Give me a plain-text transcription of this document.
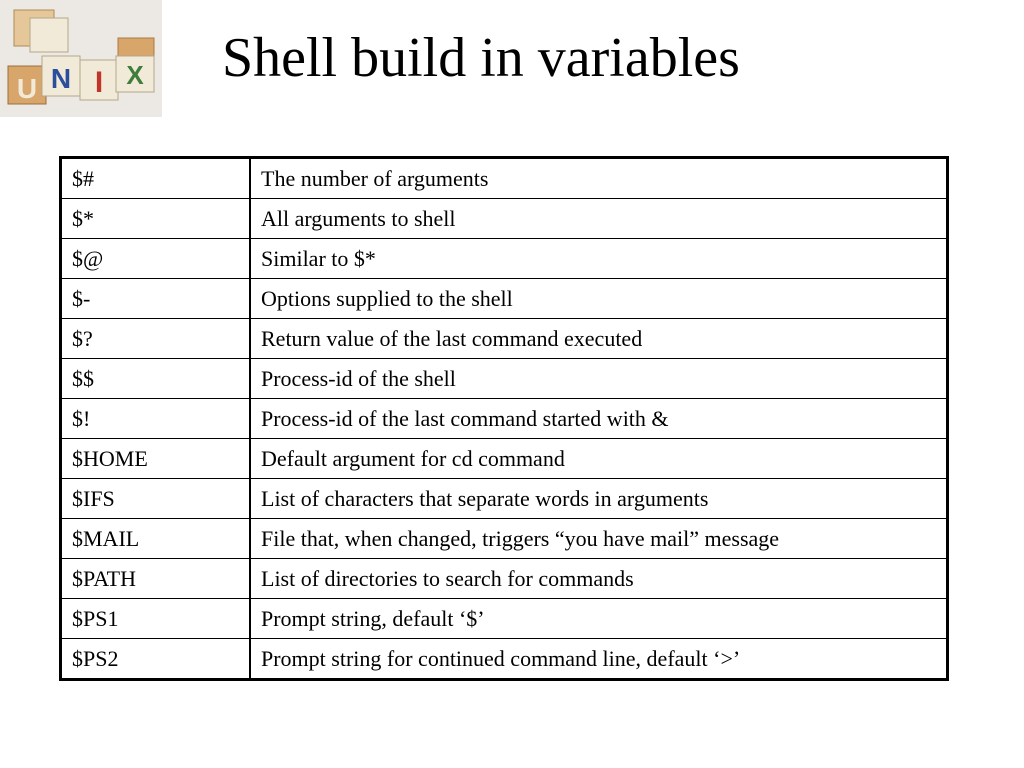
U N I X Shell build in variables
$#	The number of arguments
$*	All arguments to shell
$@	Similar to $*
$-	Options supplied to the shell
$?	Return value of the last command executed
$$	Process-id of the shell
$!	Process-id of the last command started with &
$HOME	Default argument for cd command
$IFS	List of characters that separate words in arguments
$MAIL	File that, when changed, triggers “you have mail” message
$PATH	List of directories to search for commands
$PS1	Prompt string, default ‘$’
$PS2	Prompt string for continued command line, default ‘>’
